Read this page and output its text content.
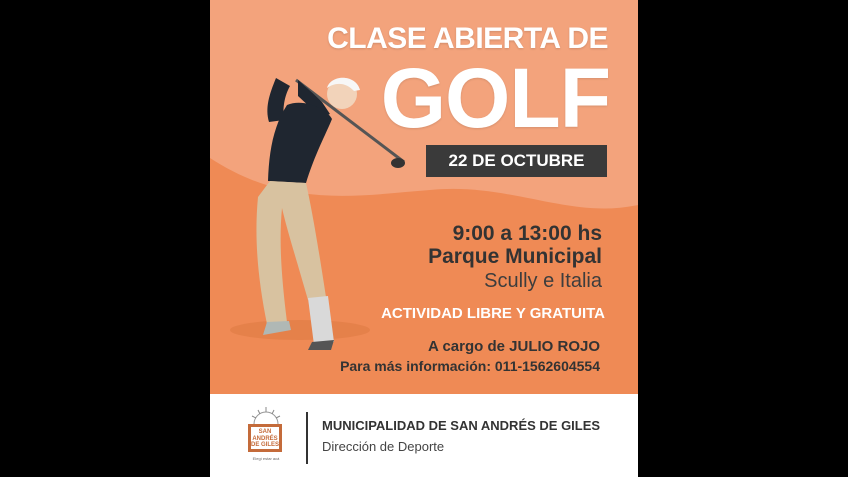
CLASE ABIERTA DE
GOLF
22 DE OCTUBRE
9:00 a 13:00 hs
Parque Municipal
Scully e Italia
ACTIVIDAD LIBRE Y GRATUITA
A cargo de JULIO ROJO
Para más información: 011-1562604554
SAN ANDRÉS DE GILES
Elegí estar acá
MUNICIPALIDAD DE SAN ANDRÉS DE GILES
Dirección de Deporte
